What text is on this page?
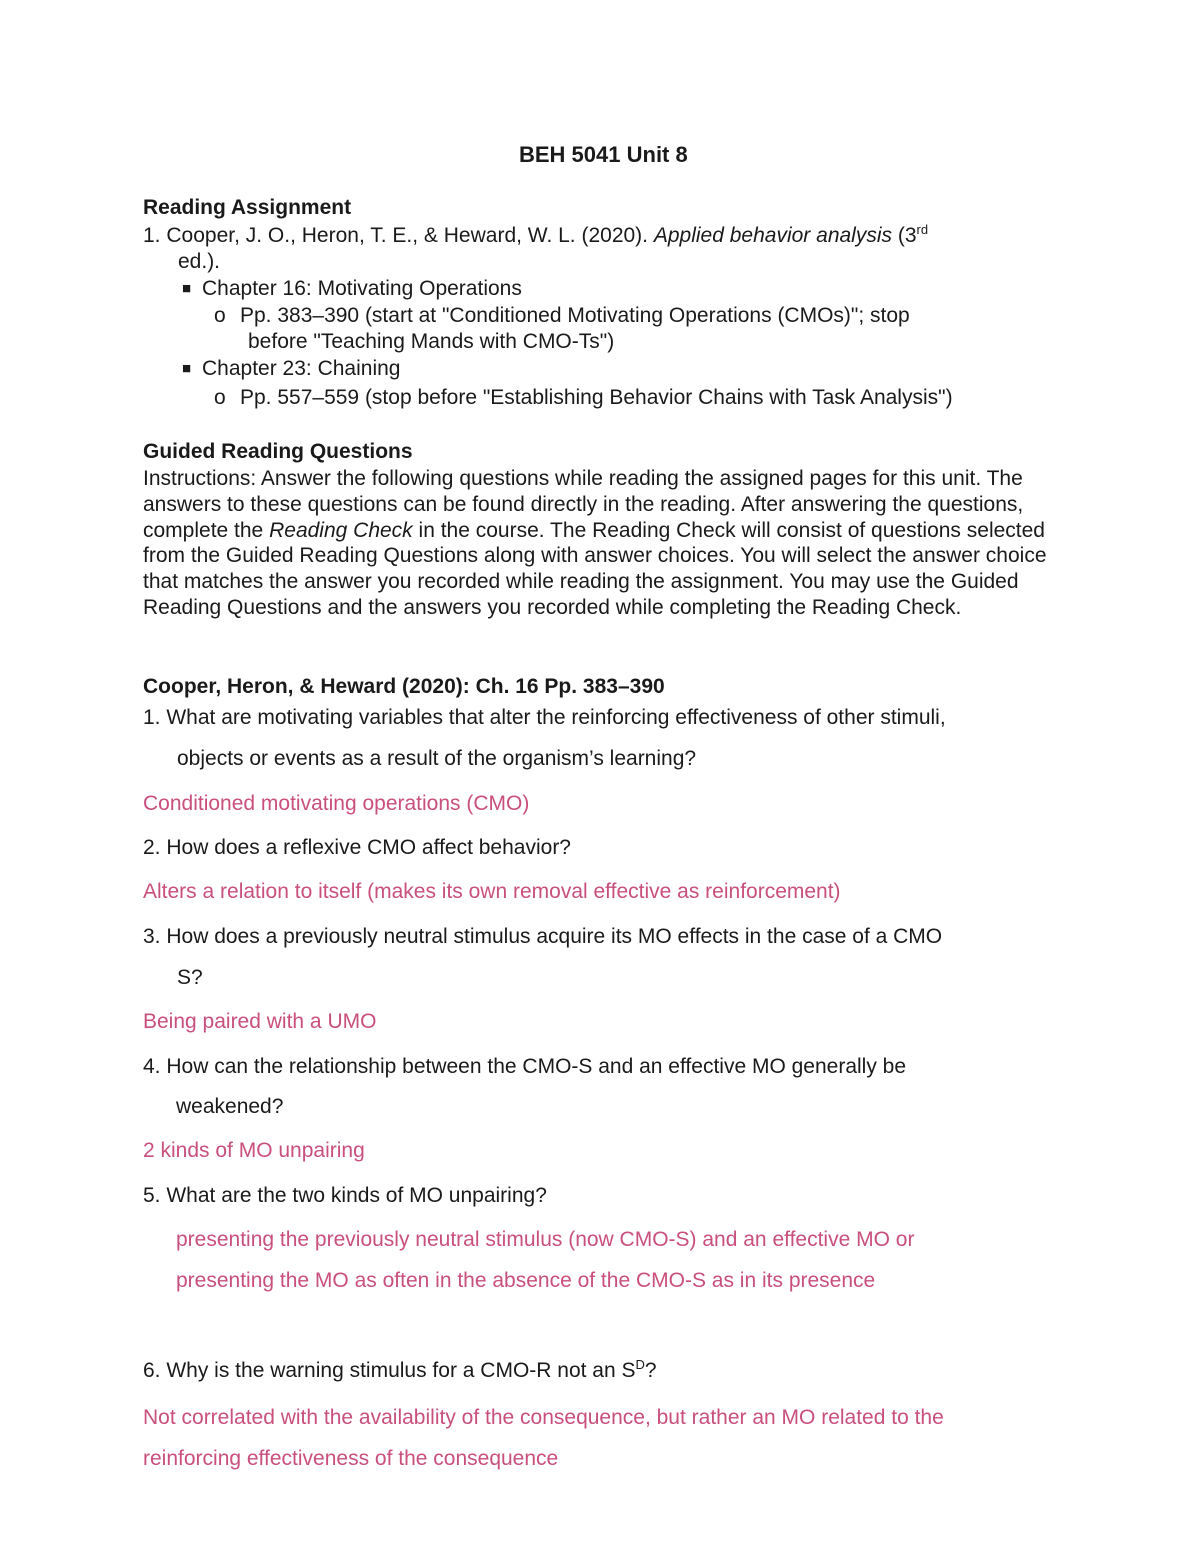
BEH 5041 Unit 8
Reading Assignment
1. Cooper, J. O., Heron, T. E., & Heward, W. L. (2020). Applied behavior analysis (3rd
ed.).
■ Chapter 16: Motivating Operations
o Pp. 383–390 (start at "Conditioned Motivating Operations (CMOs)"; stop
before "Teaching Mands with CMO-Ts")
■ Chapter 23: Chaining
o Pp. 557–559 (stop before "Establishing Behavior Chains with Task Analysis")
Guided Reading Questions
Instructions: Answer the following questions while reading the assigned pages for this unit. The answers to these questions can be found directly in the reading. After answering the questions, complete the Reading Check in the course. The Reading Check will consist of questions selected from the Guided Reading Questions along with answer choices. You will select the answer choice that matches the answer you recorded while reading the assignment. You may use the Guided Reading Questions and the answers you recorded while completing the Reading Check.
Cooper, Heron, & Heward (2020): Ch. 16 Pp. 383–390
1. What are motivating variables that alter the reinforcing effectiveness of other stimuli,
objects or events as a result of the organism’s learning?
Conditioned motivating operations (CMO)
2. How does a reflexive CMO affect behavior?
Alters a relation to itself (makes its own removal effective as reinforcement)
3. How does a previously neutral stimulus acquire its MO effects in the case of a CMO
S?
Being paired with a UMO
4. How can the relationship between the CMO-S and an effective MO generally be
weakened?
2 kinds of MO unpairing
5. What are the two kinds of MO unpairing?
presenting the previously neutral stimulus (now CMO-S) and an effective MO or
presenting the MO as often in the absence of the CMO-S as in its presence
6. Why is the warning stimulus for a CMO-R not an $S^D$?
Not correlated with the availability of the consequence, but rather an MO related to the
reinforcing effectiveness of the consequence
